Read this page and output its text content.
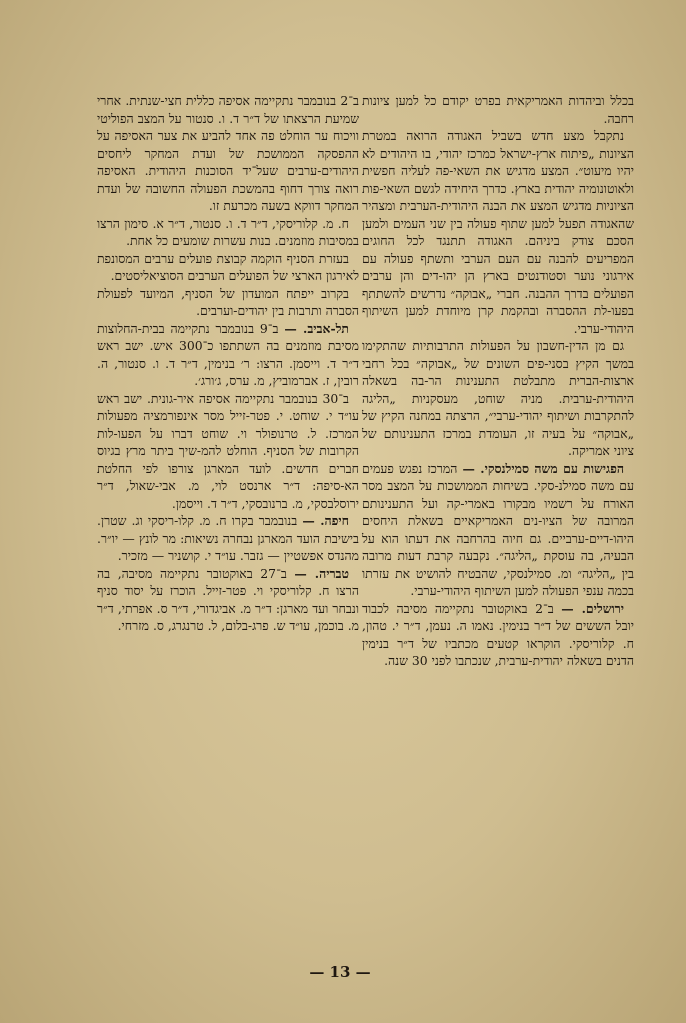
בכלל וביהדות האמריקאית בפרט יקודם כל למען ציונות רחבה.

נתקבל מצע חדש בשביל האגודה הרואה במטרת הציונות „פיתוח ארץ-ישראל כמרכז יהודי, בו היהודים לא יהיו מיעוט״. המצע מדגיש את השאי-פה לעליה חפשית ולאוטונומיה יהודית בארץ. כדרך היחידה לגשם השאי-פות הציוניות מדגיש המצע את הבנה היהודית-הערבית ומצהיר שהאגודה תפעל למען שתוף פעולה בין שני העמים ולמען הסכם צודק ביניהם. האגודה תתנגד לכל החוגים המפריעים להבנה עם העם הערבי ותשתף פעולה עם אירגוני נוער וסטודנטים בארץ הן יהו-דים והן ערבים הפועלים בדרך ההבנה. חברי „אבוקה״ נדרשים להשתתף בפעו-לת ההסברה ובהקמת קרן מיוחדת למען השיתוף היהודי-ערבי.

גם מן הדין-חשבון על הפעולות התרבותיות שהתקימו במשך הקיץ בסני-פים השונים של „אבוקה״ בכל רחבי ארצות-הברית מתבלטת התענינות הר-בה בשאלה היהודית-ערבית. מניה שוחט, מעסקניות „הליגה להתקרבות ושיתוף יהודי-ערבי״, הרצתה במחנה הקיץ של „אבוקה״ על בעיה זו, העומדת במרכז התענינותם של ציוני אמריקה.

הפגישות עם משה סמילנסקי. — המרכז נפגש פעמים עם משה סמילנ-סקי. בשיחות הממושכות על המצב מסר האורח על רשמיו מבקורו באמרי-קה ועל התענינותם המרובה של הציו-נים האמריקאיים בשאלת היחסים היהו-דיים-ערביים. גם חיוה בהרחבה את דעתו הוא על הבעיה, בה עוסקת „הליגה״. נקבעה קרבת דעות מרובה בין „הליגה״ ומ. סמילנסקי, שהבטיח להושיט את עזרתו בכמה ענפי הפעולה למען השיתוף היהודי-ערבי.

ירושלים. — ב־2 באוקטובר נתקיימה מסיבה לכבוד יובל הששים של ד״ר בנימין. נאמו ה. נעמן, ד״ר י. טהון, ח. קלוריסקי. הוקראו קטעים מכתביו של ד״ר בנימין הדנים בשאלה יהודית-ערבית, שנכתבו לפני 30 שנה.

ב־2 בנובמבר נתקיימה אסיפה כללית חצי-שנתית. אחרי שמיעת הרצאתו של ד״ר ד. ו. סנטור על המצב הפוליטי וויכוח ער הוחלט פה אחד להביע את צער האסיפה על ההפסקה הממושכת של ועדת המחקר ליחסים היהודים-ערבים שעל־יד הסוכנות היהודית. האסיפה רואה צורך דחוף בהמשכת הפעולה החשובה של ועדת המחקר דווקא בשעה מכרעת זו.

ח. מ. קלוריסקי, ד״ר ד. ו. סנטור, ד״ר א. סימון הרצו במסיבות מוזמנים. בנות עשרות שומעים כל אחת.

בעזרת הסניף הוקמה קבוצת פועלים ערבים המסונפת לאירגון הארצי של הפועלים הערבים הסוציאליסטים.

בקרוב ייפתח המועדון של הסניף, המיועד לפעולת הסברה ותרבות בין יהודים-וערבים.

תל-אביב. — ב־9 בנובמבר נתקיימה בבית-החלוצות מסיבת מוזמנים בה השתתפו כ־300 איש. ישב ראש ד״ר ד. וייסמן. הרצו: ר׳ בנימין, ד״ר ד. ו. סנטור, ה. רובין, ז. אברמוביץ, מ. ערס, ג׳ורג׳.

ב־30 בנובמבר נתקיימה אסיפה איר-גונית. ישב ראש עו״ד י. שוחט. י. פטר-זייל מסר אינפורמציה מפעולות המרכז. ל. טרנופולר וי. שוחט דברו על הפעו-לות הקרובות של הסניף. הוחלט להמ-שיך ביתר מרץ בגיוס חברים חדשים. לועד המארגן צורפו לפי החלטת הא-סיפה: ד״ר ארנסט לוי, מ. אבי-שאול, ד״ר ירוסלבסקי, מ. ברנובסקי, ד״ר ד. וייסמן.

חיפה. — בנובמבר בקרו ח. מ. קלו-ריסקי וג. שטרן. בישיבת הועד המארגן נבחרה נשיאות: מר לונץ — יו״ר. מהנדס אפשטיין — גזבר. עו״ד י. קושניר — מזכיר.

טבריה. — ב־27 באוקטובר נתקיימה מסיבה, בה הרצו ח. קלוריסקי וי. פטר-זייל. הוכרז על יסוד סניף ונבחר ועד מארגן: ד״ר מ. אביגדורי, ד״ר ס. אפרתי, ד״ר מ. בוכמן, עו״ד ש. פרג-בלום, ל. טרנגרג, ס. מזרחי.

— 13 —
